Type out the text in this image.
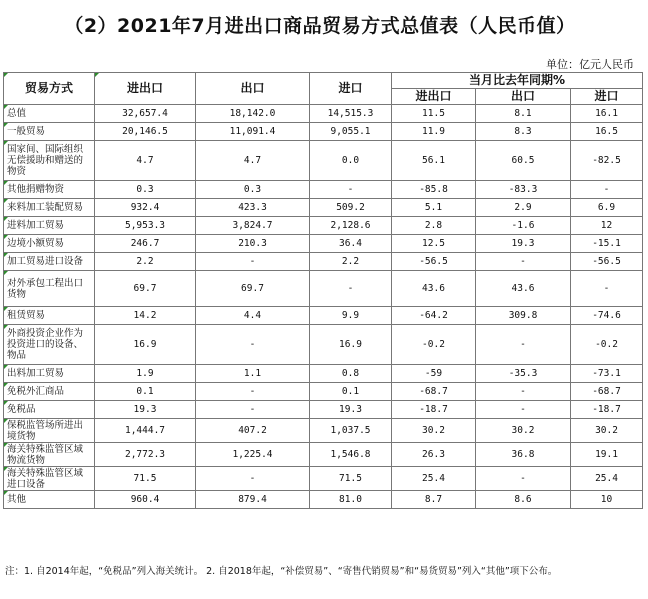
（2）2021年7月进出口商品贸易方式总值表（人民币值）
单位：亿元人民币
贸易方式	进出口	出口	进口	当月比去年同期%		
				进出口	出口	进口
总值	32,657.4	18,142.0	14,515.3	11.5	8.1	16.1
一般贸易	20,146.5	11,091.4	9,055.1	11.9	8.3	16.5
国家间、国际组织无偿援助和赠送的物资	4.7	4.7	0.0	56.1	60.5	-82.5
其他捐赠物资	0.3	0.3	-	-85.8	-83.3	-
来料加工装配贸易	932.4	423.3	509.2	5.1	2.9	6.9
进料加工贸易	5,953.3	3,824.7	2,128.6	2.8	-1.6	12
边境小额贸易	246.7	210.3	36.4	12.5	19.3	-15.1
加工贸易进口设备	2.2	-	2.2	-56.5	-	-56.5
对外承包工程出口货物	69.7	69.7	-	43.6	43.6	-
租赁贸易	14.2	4.4	9.9	-64.2	309.8	-74.6
外商投资企业作为投资进口的设备、物品	16.9	-	16.9	-0.2	-	-0.2
出料加工贸易	1.9	1.1	0.8	-59	-35.3	-73.1
免税外汇商品	0.1	-	0.1	-68.7	-	-68.7
免税品	19.3	-	19.3	-18.7	-	-18.7
保税监管场所进出境货物	1,444.7	407.2	1,037.5	30.2	30.2	30.2
海关特殊监管区域物流货物	2,772.3	1,225.4	1,546.8	26.3	36.8	19.1
海关特殊监管区域进口设备	71.5	-	71.5	25.4	-	25.4
其他	960.4	879.4	81.0	8.7	8.6	10
注：1. 自2014年起，“免税品”列入海关统计。 2. 自2018年起，“补偿贸易”、“寄售代销贸易”和“易货贸易”列入“其他”项下公布。
